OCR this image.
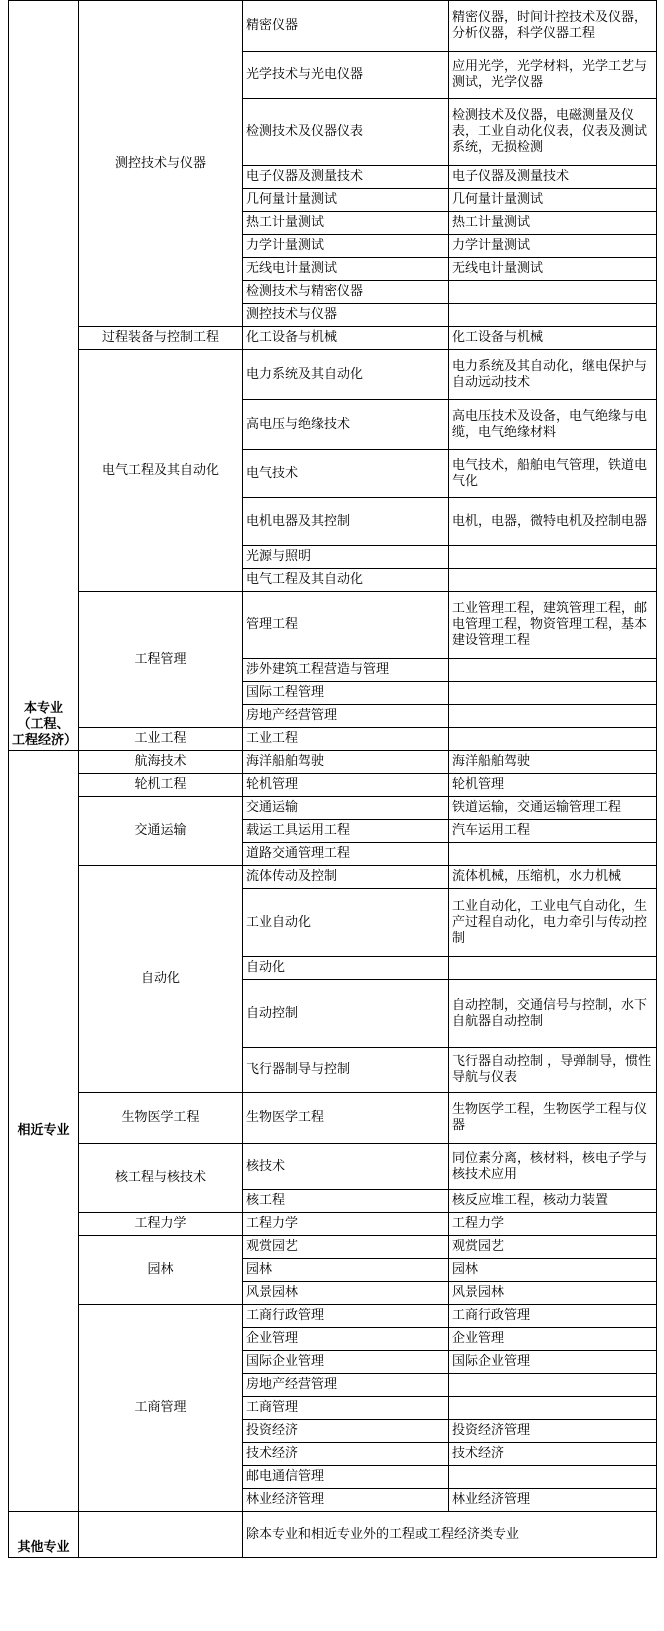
本专业（工程、工程经济）	测控技术与仪器	精密仪器	精密仪器，时间计控技术及仪器，分析仪器，科学仪器工程
		光学技术与光电仪器	应用光学，光学材料，光学工艺与测试，光学仪器
		检测技术及仪器仪表	检测技术及仪器，电磁测量及仪表，工业自动化仪表，仪表及测试系统，无损检测
		电子仪器及测量技术	电子仪器及测量技术
		几何量计量测试	几何量计量测试
		热工计量测试	热工计量测试
		力学计量测试	力学计量测试
		无线电计量测试	无线电计量测试
		检测技术与精密仪器	
		测控技术与仪器	
	过程装备与控制工程	化工设备与机械	化工设备与机械
	电气工程及其自动化	电力系统及其自动化	电力系统及其自动化，继电保护与自动远动技术
		高电压与绝缘技术	高电压技术及设备，电气绝缘与电缆，电气绝缘材料
		电气技术	电气技术，船舶电气管理，铁道电气化
		电机电器及其控制	电机，电器，微特电机及控制电器
		光源与照明	
		电气工程及其自动化	
	工程管理	管理工程	工业管理工程，建筑管理工程，邮电管理工程，物资管理工程，基本建设管理工程
		涉外建筑工程营造与管理	
		国际工程管理	
		房地产经营管理	
	工业工程	工业工程	
相近专业	航海技术	海洋船舶驾驶	海洋船舶驾驶
	轮机工程	轮机管理	轮机管理
	交通运输	交通运输	铁道运输，交通运输管理工程
		载运工具运用工程	汽车运用工程
		道路交通管理工程	
	自动化	流体传动及控制	流体机械，压缩机，水力机械
		工业自动化	工业自动化，工业电气自动化，生产过程自动化，电力牵引与传动控制
		自动化	
		自动控制	自动控制，交通信号与控制，水下自航器自动控制
		飞行器制导与控制	飞行器自动控制 ，导弹制导，惯性导航与仪表
	生物医学工程	生物医学工程	生物医学工程，生物医学工程与仪器
	核工程与核技术	核技术	同位素分离，核材料，核电子学与核技术应用
		核工程	核反应堆工程，核动力装置
	工程力学	工程力学	工程力学
	园林	观赏园艺	观赏园艺
		园林	园林
		风景园林	风景园林
	工商管理	工商行政管理	工商行政管理
		企业管理	企业管理
		国际企业管理	国际企业管理
		房地产经营管理	
		工商管理	
		投资经济	投资经济管理
		技术经济	技术经济
		邮电通信管理	
		林业经济管理	林业经济管理
其他专业		除本专业和相近专业外的工程或工程经济类专业	
